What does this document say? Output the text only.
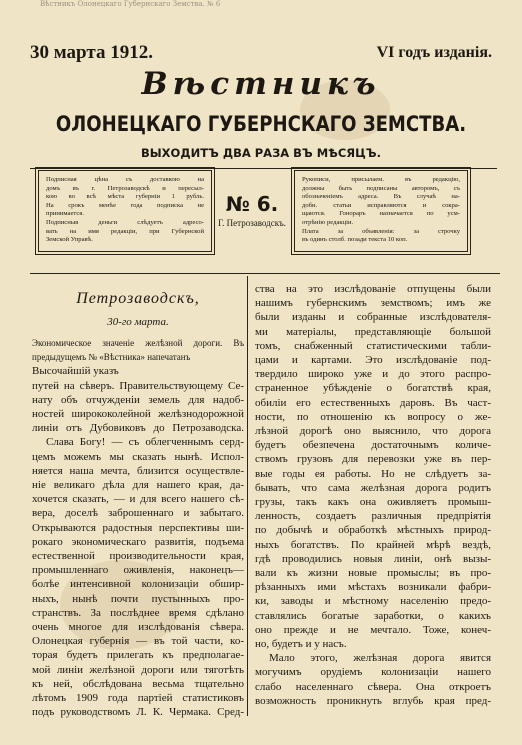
Вѣстникъ Олонецкаго Губернскаго Земства. № 6
30 марта 1912.	VI годъ изданія.
Вѣстникъ
ОЛОНЕЦКАГО ГУБЕРНСКАГО ЗЕМСТВА.
ВЫХОДИТЪ ДВА РАЗА ВЪ МѢСЯЦЪ.
Подписная цѣна съ доставкою на
домъ въ г. Петрозаводскѣ и пересыл-
кою во всѣ мѣста губерніи 1 рубль.
На срокъ менѣе года подписка не
принимается.
Подписныя деньги слѣдуетъ адресо-
вать на имя редакціи, при Губернской
Земской Управѣ.
№ 6.
Г. Петрозаводскъ.
Рукописи, присылаем. въ редакцію,
должны быть подписаны авторомъ, съ
обозначеніемъ адреса. Въ случаѣ на-
добн. статьи исправляются и сокра-
щаются. Гонораръ назначается по усм-
отрѣнію редакціи.
Плата за объявленія: за строчку
въ одинъ столб. позади текста 10 коп.
Петрозаводскъ,
30-го марта.
Экономическое значеніе желѣзной дороги. Въ предыдущемъ № «Вѣстника» напечатанъ
Высочайшій указъ
путей на сѣверъ. Правительствующему Се-
нату объ отчужденіи земель для надоб-
ностей ширококолейной желѣзнодорожной
линіи отъ Дубовиковъ до Петрозаводска.
Слава Богу! — съ облегченнымъ серд-
цемъ можемъ мы сказать нынѣ. Испол-
няется наша мечта, близится осуществле-
ніе великаго дѣла для нашего края, да-
хочется сказать, — и для всего нашего сѣ-
вера, доселѣ заброшеннаго и забытаго.
Открываются радостныя перспективы ши-
рокаго экономическаго развитія, подъема
естественной производительности края,
промышленнаго оживленія, наконецъ—
болѣе интенсивной колонизаціи обшир-
ныхъ, нынѣ почти пустынныхъ про-
странствъ. За послѣднее время сдѣлано
очень многое для изслѣдованія сѣвера.
Олонецкая губернія — въ той части, ко-
торая будетъ прилегать къ предполагае-
мой линіи желѣзной дороги или тяготѣть
къ ней, обслѣдована весьма тщательно
лѣтомъ 1909 года партіей статистиковъ
подъ руководствомъ Л. К. Чермака. Сред-
ства на это изслѣдованіе отпущены были
нашимъ губернскимъ земствомъ; имъ же
были изданы и собранные изслѣдователя-
ми матеріалы, представляющіе большой
томъ, снабженный статистическими табли-
цами и картами. Это изслѣдованіе под-
твердило широко уже и до этого распро-
страненное убѣжденіе о богатствѣ края,
обиліи его естественныхъ даровъ. Въ част-
ности, по отношенію къ вопросу о же-
лѣзной дорогѣ оно выяснило, что дорога
будетъ обезпечена достаточнымъ количе-
ствомъ грузовъ для перевозки уже въ пер-
вые годы ея работы. Но не слѣдуетъ за-
бывать, что сама желѣзная дорога родитъ
грузы, такъ какъ она оживляетъ промыш-
ленность, создаетъ различныя предпріятія
по добычѣ и обработкѣ мѣстныхъ природ-
ныхъ богатствъ. По крайней мѣрѣ вездѣ,
гдѣ проводились новыя линіи, онѣ вызы-
вали къ жизни новые промыслы; въ про-
рѣзанныхъ ими мѣстахъ возникали фабри-
ки, заводы и мѣстному населенію предо-
ставлялись богатые заработки, о какихъ
оно прежде и не мечтало. Тоже, конеч-
но, будетъ и у насъ.
Мало этого, желѣзная дорога явится
могучимъ орудіемъ колонизаціи нашего
слабо населеннаго сѣвера. Она откроетъ
возможность проникнуть вглубь края пред-
